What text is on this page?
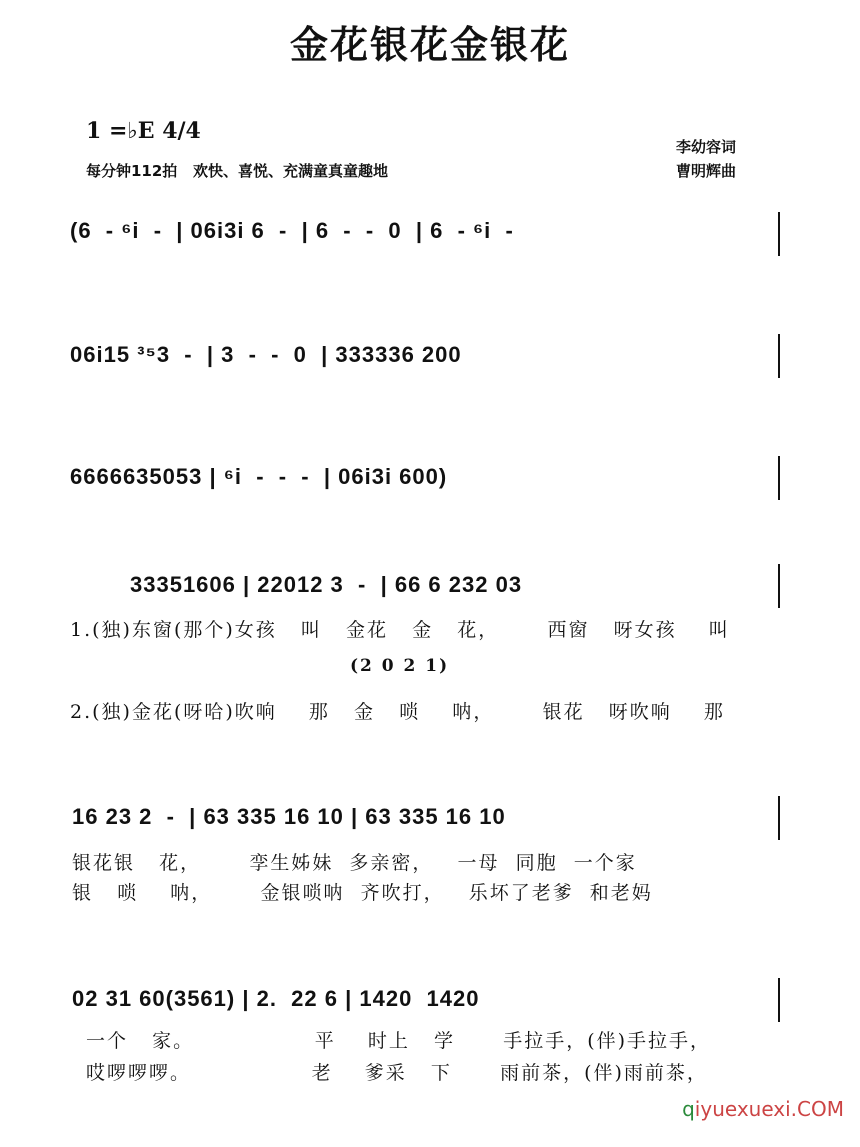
金花银花金银花
1 =♭E 4/4
每分钟112拍   欢快、喜悦、充满童真童趣地
李幼容词
曹明辉曲
(6  - ⁶i  -  | 06i3i 6  -  | 6  -  -  0  | 6  - ⁶i  -
06i15 ³⁵3  -  | 3  -  -  0  | 333336 200
6666635053 | ⁶i  -  -  -  | 06i3i 600)
33351606 | 22012 3  -  | 66 6 232 03
1.(独)东窗(那个)女孩   叫   金花   金   花，      西窗   呀女孩    叫
(2 0 2 1)
2.(独)金花(呀哈)吹响    那   金   唢    呐，      银花   呀吹响    那
16 23 2  -  | 63 335 16 10 | 63 335 16 10
银花银   花，      孪生姊妹  多亲密，   一母  同胞  一个家
银   唢    呐，      金银唢呐  齐吹打，   乐坏了老爹  和老妈
02 31 60(3561) | 2.  22 6 | 1420  1420
一个   家。               平    时上   学      手拉手，(伴)手拉手，
哎啰啰啰。               老    爹采   下      雨前茶，(伴)雨前茶，
qiyuexuexi.COM
